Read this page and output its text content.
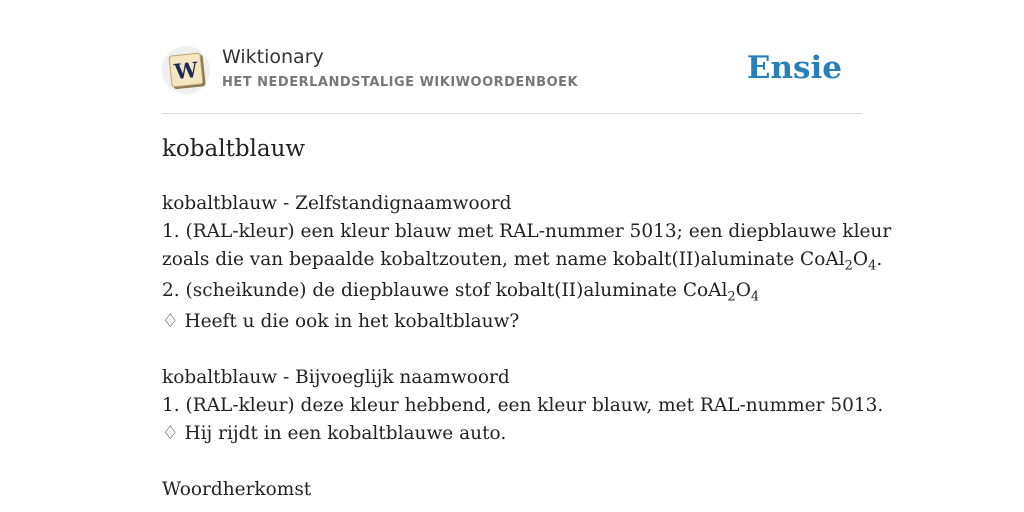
W Wiktionary
HET NEDERLANDSTALIGE WIKIWOORDENBOEK	Ensie
kobaltblauw
kobaltblauw - Zelfstandignaamwoord
1. (RAL-kleur) een kleur blauw met RAL-nummer 5013; een diepblauwe kleur
zoals die van bepaalde kobaltzouten, met name kobalt(II)aluminate $CoAl_2O_4$.
2. (scheikunde) de diepblauwe stof kobalt(II)aluminate $CoAl_2O_4$
♢ Heeft u die ook in het kobaltblauw?
kobaltblauw - Bijvoeglijk naamwoord
1. (RAL-kleur) deze kleur hebbend, een kleur blauw, met RAL-nummer 5013.
♢ Hij rijdt in een kobaltblauwe auto.
Woordherkomst
